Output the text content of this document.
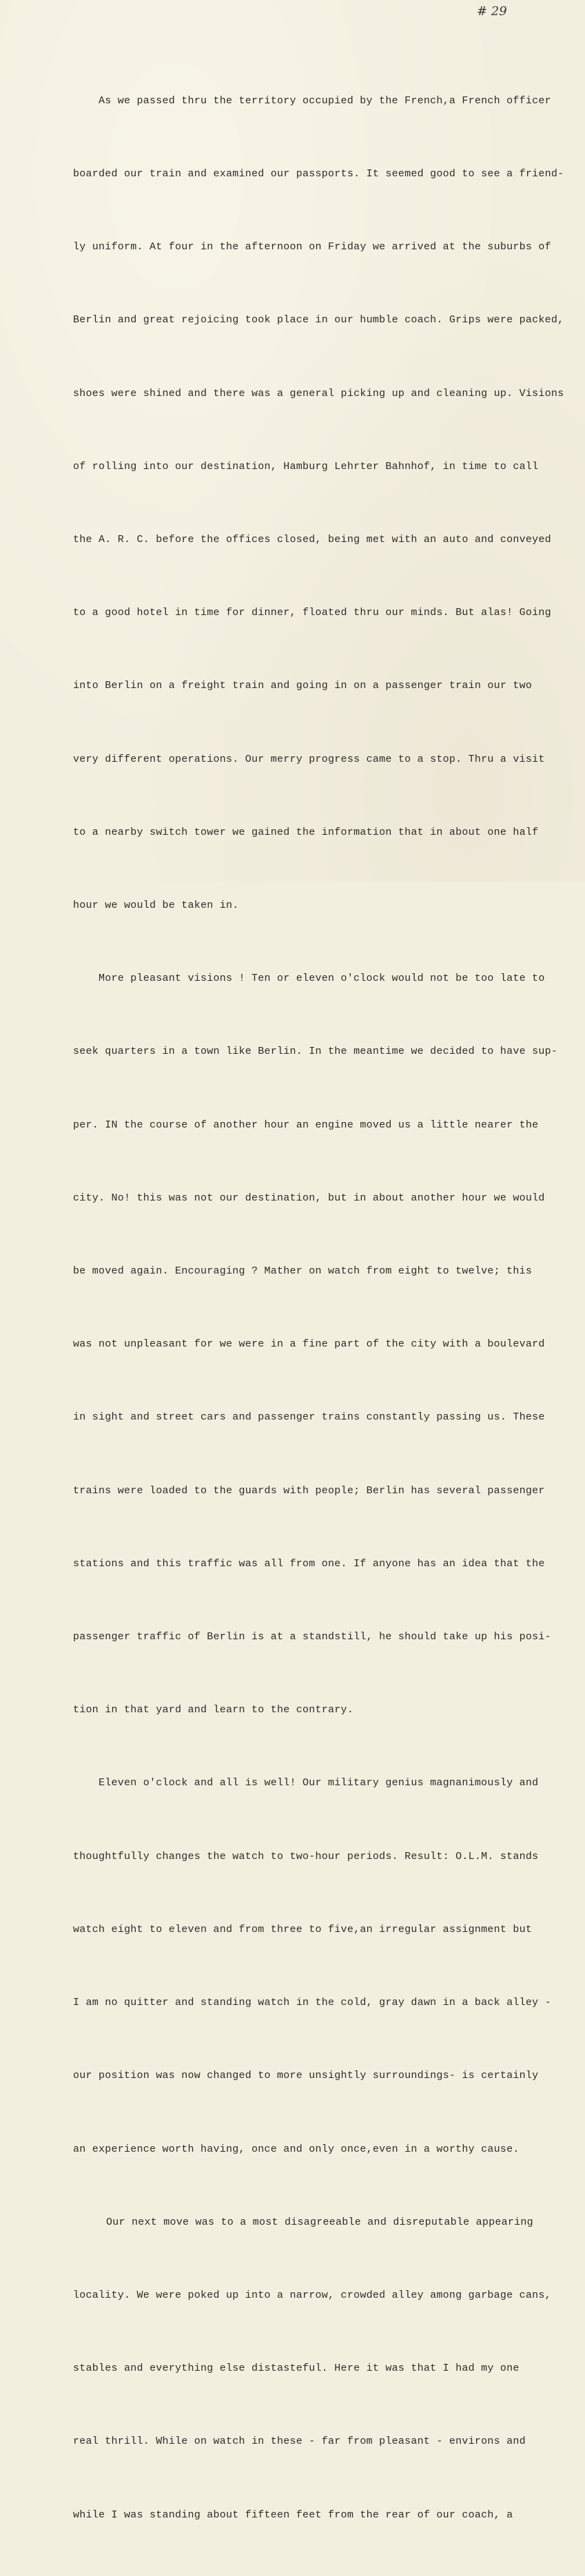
# 29

As we passed thru the territory occupied by the French,a French officer

boarded our train and examined our passports. It seemed good to see a friend-

ly uniform. At four in the afternoon on Friday we arrived at the suburbs of

Berlin and great rejoicing took place in our humble coach. Grips were packed,

shoes were shined and there was a general picking up and cleaning up. Visions

of rolling into our destination, Hamburg Lehrter Bahnhof, in time to call

the A. R. C. before the offices closed, being met with an auto and conveyed

to a good hotel in time for dinner, floated thru our minds. But alas! Going

into Berlin on a freight train and going in on a passenger train our two

very different operations. Our merry progress came to a stop. Thru a visit

to a nearby switch tower we gained the information that in about one half

hour we would be taken in.

More pleasant visions ! Ten or eleven o'clock would not be too late to

seek quarters in a town like Berlin. In the meantime we decided to have sup-

per. IN the course of another hour an engine moved us a little nearer the

city. No! this was not our destination, but in about another hour we would

be moved again. Encouraging ? Mather on watch from eight to twelve; this

was not unpleasant for we were in a fine part of the city with a boulevard

in sight and street cars and passenger trains constantly passing us. These

trains were loaded to the guards with people; Berlin has several passenger

stations and this traffic was all from one. If anyone has an idea that the

passenger traffic of Berlin is at a standstill, he should take up his posi-

tion in that yard and learn to the contrary.

Eleven o'clock and all is well! Our military genius magnanimously and

thoughtfully changes the watch to two-hour periods. Result: O.L.M. stands

watch eight to eleven and from three to five,an irregular assignment but

I am no quitter and standing watch in the cold, gray dawn in a back alley -

our position was now changed to more unsightly surroundings- is certainly

an experience worth having, once and only once,even in a worthy cause.

Our next move was to a most disagreeable and disreputable appearing

locality. We were poked up into a narrow, crowded alley among garbage cans,

stables and everything else distasteful. Here it was that I had my one

real thrill. While on watch in these - far from pleasant - environs and

while I was standing about fifteen feet from the rear of our coach, a
